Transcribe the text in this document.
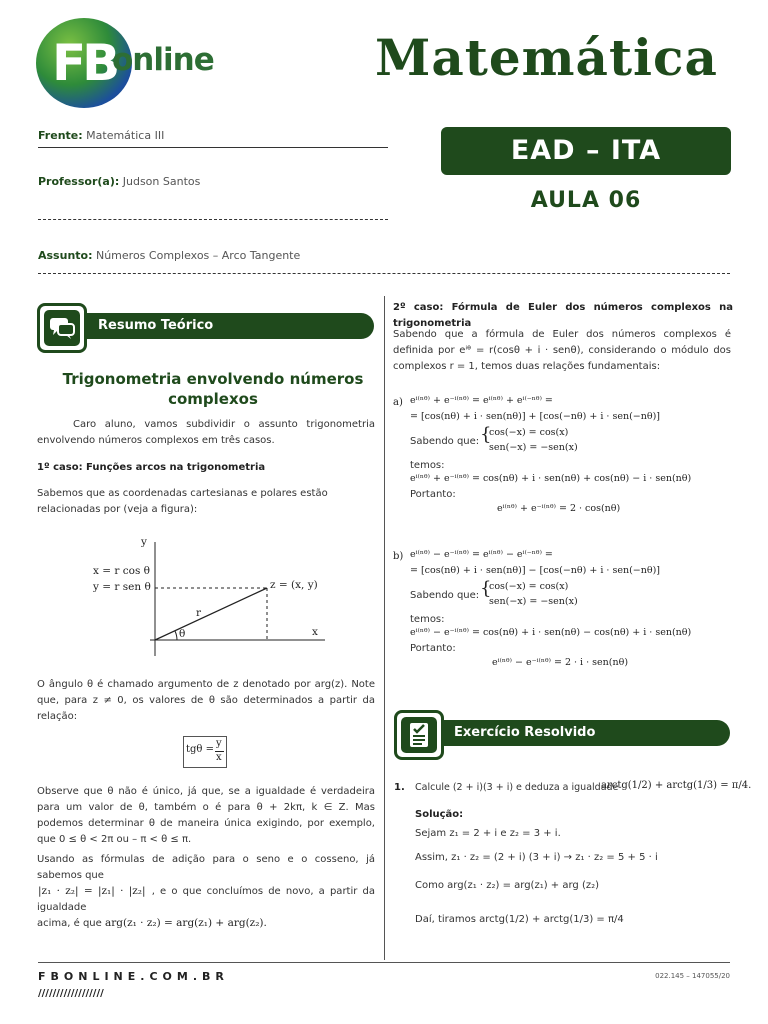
FB
online	Matemática
Frente: Matemática III
Professor(a): Judson Santos
Assunto: Números Complexos – Arco Tangente
EAD – ITA
AULA 06
Resumo Teórico
Trigonometria envolvendo números
complexos
Caro aluno, vamos subdividir o assunto trigonometria envolvendo números complexos em três casos.
1º caso: Funções arcos na trigonometria
Sabemos que as coordenadas cartesianas e polares estão relacionadas por (veja a figura):
y
x
x = r cos θ
y = r sen θ	z = (x, y)
r
θ
O ângulo θ é chamado argumento de z denotado por arg(z). Note que, para z ≠ 0, os valores de θ são determinados a partir da relação:
tgθ =
y
x
Observe que θ não é único, já que, se a igualdade é verdadeira para um valor de θ, também o é para θ + 2kπ, k ∈ Z. Mas podemos determinar θ de maneira única exigindo, por exemplo, que 0 ≤ θ < 2π ou – π < θ ≤ π.
Usando as fórmulas de adição para o seno e o cosseno, já sabemos que
|z₁ · z₂| = |z₁| · |z₂| , e o que concluímos de novo, a partir da igualdade
acima, é que arg(z₁ · z₂) = arg(z₁) + arg(z₂).
2º caso: Fórmula de Euler dos números complexos na trigonometria
Sabendo que a fórmula de Euler dos números complexos é definida por eⁱᶿ = r(cosθ + i · senθ), considerando o módulo dos complexos r = 1, temos duas relações fundamentais:
a) eⁱ⁽ⁿᶿ⁾ + e⁻ⁱ⁽ⁿᶿ⁾ = eⁱ⁽ⁿᶿ⁾ + eⁱ⁽⁻ⁿᶿ⁾ =
= [cos(nθ) + i · sen(nθ)] + [cos(−nθ) + i · sen(−nθ)]
Sabendo que: {
cos(−x) = cos(x)
sen(−x) = −sen(x)
temos:
eⁱ⁽ⁿᶿ⁾ + e⁻ⁱ⁽ⁿᶿ⁾ = cos(nθ) + i · sen(nθ) + cos(nθ) − i · sen(nθ)
Portanto:
eⁱ⁽ⁿᶿ⁾ + e⁻ⁱ⁽ⁿᶿ⁾ = 2 · cos(nθ)
b) eⁱ⁽ⁿᶿ⁾ − e⁻ⁱ⁽ⁿᶿ⁾ = eⁱ⁽ⁿᶿ⁾ − eⁱ⁽⁻ⁿᶿ⁾ =
= [cos(nθ) + i · sen(nθ)] − [cos(−nθ) + i · sen(−nθ)]
Sabendo que: {
cos(−x) = cos(x)
sen(−x) = −sen(x)
temos:
eⁱ⁽ⁿᶿ⁾ − e⁻ⁱ⁽ⁿᶿ⁾ = cos(nθ) + i · sen(nθ) − cos(nθ) + i · sen(nθ)
Portanto:
eⁱ⁽ⁿᶿ⁾ − e⁻ⁱ⁽ⁿᶿ⁾ = 2 · i · sen(nθ)
Exercício Resolvido
1. Calcule (2 + i)(3 + i) e deduza a igualdade
arctg(1/2) + arctg(1/3) = π/4.
Solução:
Sejam z₁ = 2 + i e z₂ = 3 + i.
Assim, z₁ · z₂ = (2 + i) (3 + i) → z₁ · z₂ = 5 + 5 · i
Como arg(z₁ · z₂) = arg(z₁) + arg (z₂)
Daí, tiramos arctg(1/2) + arctg(1/3) = π/4
FBONLINE.COM.BR
//////////////////
022.145 – 147055/20
